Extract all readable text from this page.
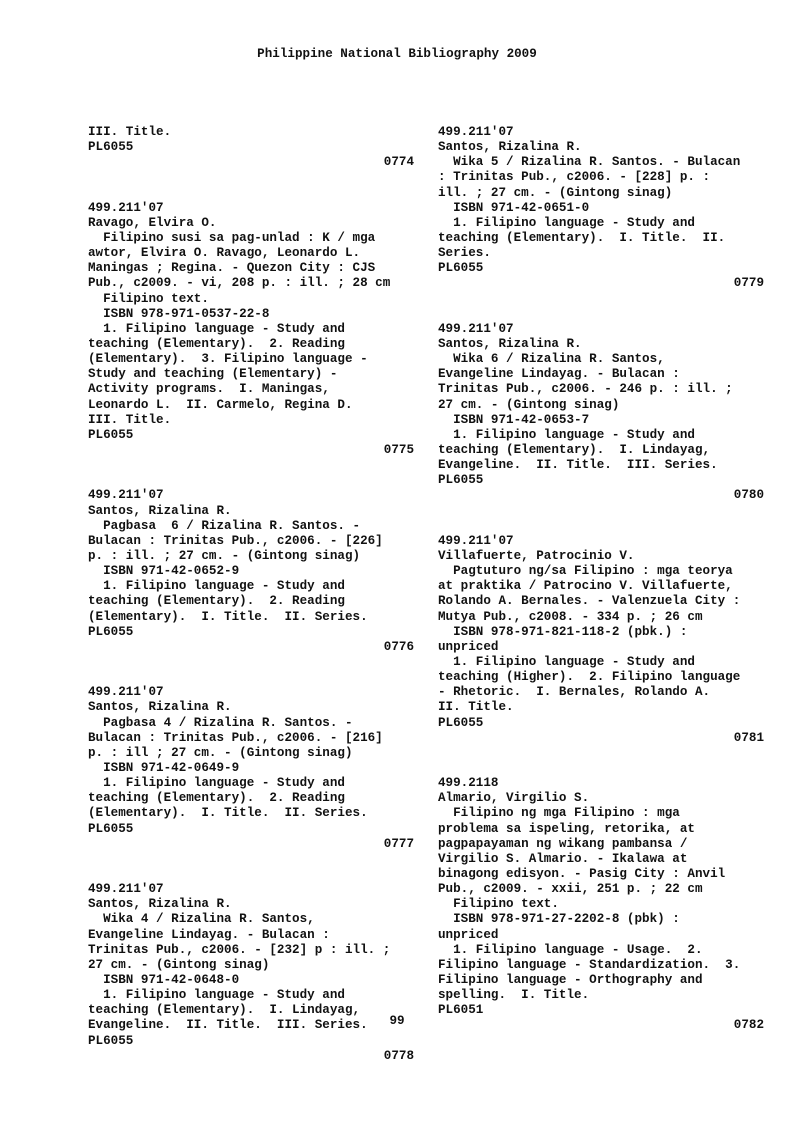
Philippine National Bibliography 2009
III. Title.
PL6055
0774
499.211'07
Ravago, Elvira O.
Filipino susi sa pag-unlad : K / mga
awtor, Elvira O. Ravago, Leonardo L.
Maningas ; Regina. - Quezon City : CJS
Pub., c2009. - vi, 208 p. : ill. ; 28 cm
Filipino text.
ISBN 978-971-0537-22-8
1. Filipino language - Study and
teaching (Elementary).  2. Reading
(Elementary).  3. Filipino language -
Study and teaching (Elementary) -
Activity programs.  I. Maningas,
Leonardo L.  II. Carmelo, Regina D.
III. Title.
PL6055
0775
499.211'07
Santos, Rizalina R.
Pagbasa  6 / Rizalina R. Santos. -
Bulacan : Trinitas Pub., c2006. - [226]
p. : ill. ; 27 cm. - (Gintong sinag)
ISBN 971-42-0652-9
1. Filipino language - Study and
teaching (Elementary).  2. Reading
(Elementary).  I. Title.  II. Series.
PL6055
0776
499.211'07
Santos, Rizalina R.
Pagbasa 4 / Rizalina R. Santos. -
Bulacan : Trinitas Pub., c2006. - [216]
p. : ill ; 27 cm. - (Gintong sinag)
ISBN 971-42-0649-9
1. Filipino language - Study and
teaching (Elementary).  2. Reading
(Elementary).  I. Title.  II. Series.
PL6055
0777
499.211'07
Santos, Rizalina R.
Wika 4 / Rizalina R. Santos,
Evangeline Lindayag. - Bulacan :
Trinitas Pub., c2006. - [232] p : ill. ;
27 cm. - (Gintong sinag)
ISBN 971-42-0648-0
1. Filipino language - Study and
teaching (Elementary).  I. Lindayag,
Evangeline.  II. Title.  III. Series.
PL6055
0778
499.211'07
Santos, Rizalina R.
Wika 5 / Rizalina R. Santos. - Bulacan
: Trinitas Pub., c2006. - [228] p. :
ill. ; 27 cm. - (Gintong sinag)
ISBN 971-42-0651-0
1. Filipino language - Study and
teaching (Elementary).  I. Title.  II.
Series.
PL6055
0779
499.211'07
Santos, Rizalina R.
Wika 6 / Rizalina R. Santos,
Evangeline Lindayag. - Bulacan :
Trinitas Pub., c2006. - 246 p. : ill. ;
27 cm. - (Gintong sinag)
ISBN 971-42-0653-7
1. Filipino language - Study and
teaching (Elementary).  I. Lindayag,
Evangeline.  II. Title.  III. Series.
PL6055
0780
499.211'07
Villafuerte, Patrocinio V.
Pagtuturo ng/sa Filipino : mga teorya
at praktika / Patrocino V. Villafuerte,
Rolando A. Bernales. - Valenzuela City :
Mutya Pub., c2008. - 334 p. ; 26 cm
ISBN 978-971-821-118-2 (pbk.) :
unpriced
1. Filipino language - Study and
teaching (Higher).  2. Filipino language
- Rhetoric.  I. Bernales, Rolando A.
II. Title.
PL6055
0781
499.2118
Almario, Virgilio S.
Filipino ng mga Filipino : mga
problema sa ispeling, retorika, at
pagpapayaman ng wikang pambansa /
Virgilio S. Almario. - Ikalawa at
binagong edisyon. - Pasig City : Anvil
Pub., c2009. - xxii, 251 p. ; 22 cm
Filipino text.
ISBN 978-971-27-2202-8 (pbk) :
unpriced
1. Filipino language - Usage.  2.
Filipino language - Standardization.  3.
Filipino language - Orthography and
spelling.  I. Title.
PL6051
0782
99
